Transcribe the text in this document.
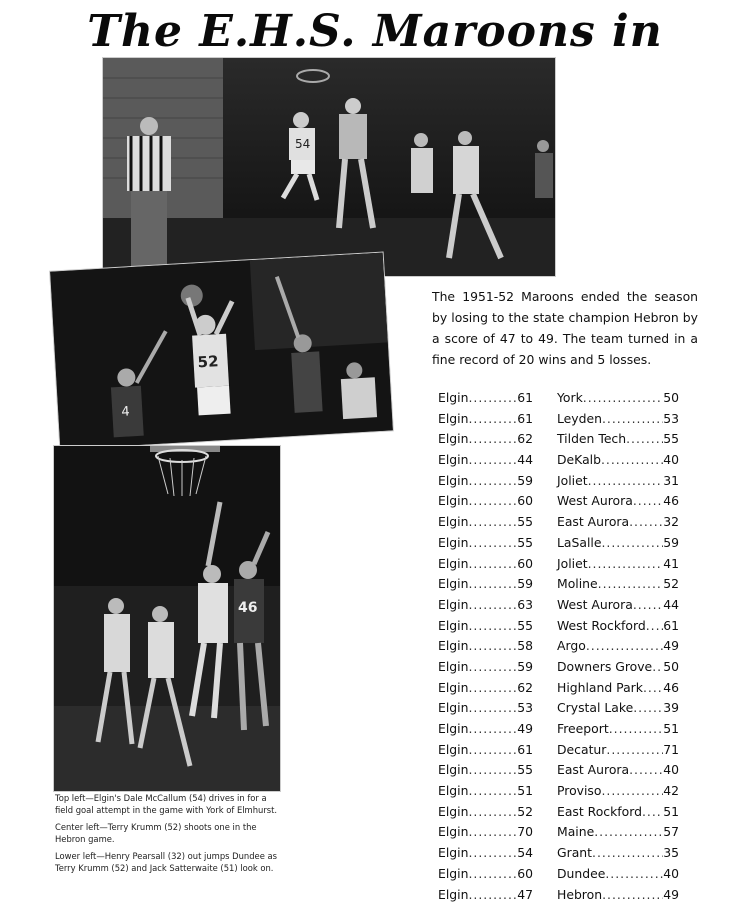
The E.H.S. Maroons in
54
52
4
46
The 1951-52 Maroons ended the season by losing to the state champion Hebron by a score of 47 to 49. The team turned in a fine record of 20 wins and 5 losses.
Elgin .....	61 York .....	50
Elgin .....	61 Leyden .....	53
Elgin .....	62 Tilden Tech .....	55
Elgin .....	44 DeKalb .....	40
Elgin .....	59 Joliet .....	31
Elgin .....	60 West Aurora ..... 46
Elgin .....	55 East Aurora .....	32
Elgin .....	55 LaSalle .....	59
Elgin .....	60 Joliet .....	41
Elgin .....	59 Moline .....	52
Elgin .....	63 West Aurora ..... 44
Elgin .....	55 West Rockford ..... 61
Elgin .....	58 Argo .....	49
Elgin .....	59 Downers Grove ..... 50
Elgin .....	62 Highland Park ..... 46
Elgin .....	53 Crystal Lake ..... 39
Elgin .....	49 Freeport .....	51
Elgin .....	61 Decatur .....	71
Elgin .....	55 East Aurora .....	40
Elgin .....	51 Proviso .....	42
Elgin .....	52 East Rockford ..... 51
Elgin .....	70 Maine .....	57
Elgin .....	54 Grant .....	35
Elgin .....	60 Dundee .....	40
Elgin .....	47 Hebron .....	49

Top left—Elgin's Dale McCallum (54) drives in for a field goal attempt in the game with York of Elmhurst.

Center left—Terry Krumm (52) shoots one in the Hebron game.

Lower left—Henry Pearsall (32) out jumps Dundee as Terry Krumm (52) and Jack Satterwaite (51) look on.
